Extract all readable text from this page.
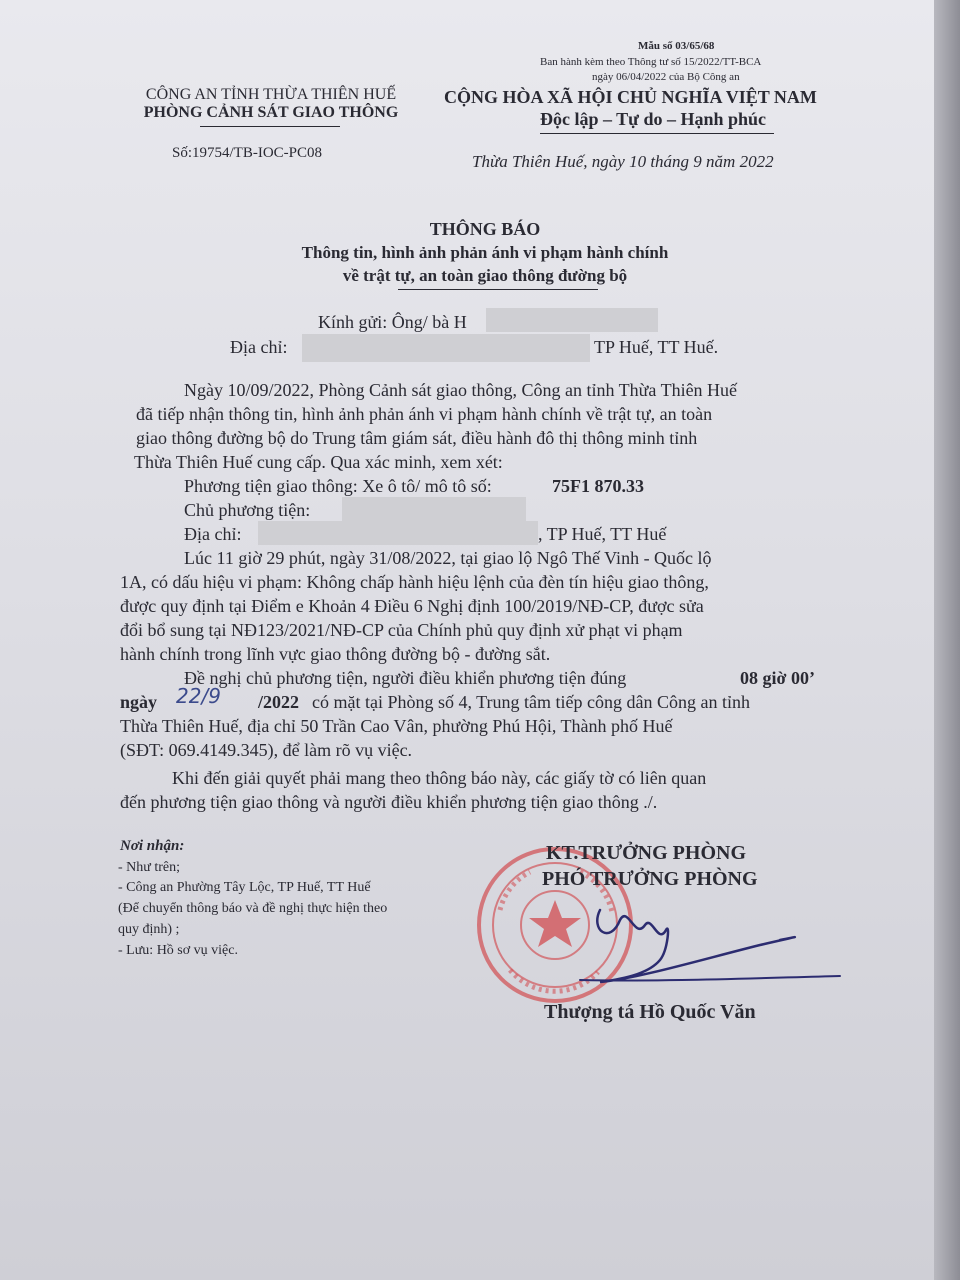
Mẫu số 03/65/68
Ban hành kèm theo Thông tư số 15/2022/TT-BCA
ngày 06/04/2022 của Bộ Công an
CÔNG AN TỈNH THỪA THIÊN HUẾ
PHÒNG CẢNH SÁT GIAO THÔNG
Số:19754/TB-IOC-PC08
CỘNG HÒA XÃ HỘI CHỦ NGHĨA VIỆT NAM
Độc lập – Tự do – Hạnh phúc
Thừa Thiên Huế, ngày 10 tháng 9 năm 2022
THÔNG BÁO
Thông tin, hình ảnh phản ánh vi phạm hành chính
về trật tự, an toàn giao thông đường bộ
Kính gửi: Ông/ bà H
Địa chỉ:	TP Huế, TT Huế.
Ngày 10/09/2022, Phòng Cảnh sát giao thông, Công an tỉnh Thừa Thiên Huế
đã tiếp nhận thông tin, hình ảnh phản ánh vi phạm hành chính về trật tự, an toàn
giao thông đường bộ do Trung tâm giám sát, điều hành đô thị thông minh tỉnh
Thừa Thiên Huế cung cấp. Qua xác minh, xem xét:
Phương tiện giao thông: Xe ô tô/ mô tô số:	75F1 870.33
Chủ phương tiện:
Địa chỉ:	, TP Huế, TT Huế
Lúc 11 giờ 29 phút, ngày 31/08/2022, tại giao lộ Ngô Thế Vinh - Quốc lộ
1A, có dấu hiệu vi phạm: Không chấp hành hiệu lệnh của đèn tín hiệu giao thông,
được quy định tại Điểm e Khoản 4 Điều 6 Nghị định 100/2019/NĐ-CP, được sửa
đổi bổ sung tại NĐ123/2021/NĐ-CP của Chính phủ quy định xử phạt vi phạm
hành chính trong lĩnh vực giao thông đường bộ - đường sắt.
Đề nghị chủ phương tiện, người điều khiển phương tiện đúng	08 giờ 00’
ngày 22/9 /2022 có mặt tại Phòng số 4, Trung tâm tiếp công dân Công an tỉnh
Thừa Thiên Huế, địa chỉ 50 Trần Cao Vân, phường Phú Hội, Thành phố Huế
(SĐT: 069.4149.345), để làm rõ vụ việc.
Khi đến giải quyết phải mang theo thông báo này, các giấy tờ có liên quan
đến phương tiện giao thông và người điều khiển phương tiện giao thông ./.
Nơi nhận:
- Như trên;
- Công an Phường Tây Lộc, TP Huế, TT Huế
(Để chuyển thông báo và đề nghị thực hiện theo
quy định) ;
- Lưu: Hồ sơ vụ việc.
KT.TRƯỞNG PHÒNG
PHÓ TRƯỞNG PHÒNG
Thượng tá Hồ Quốc Văn
